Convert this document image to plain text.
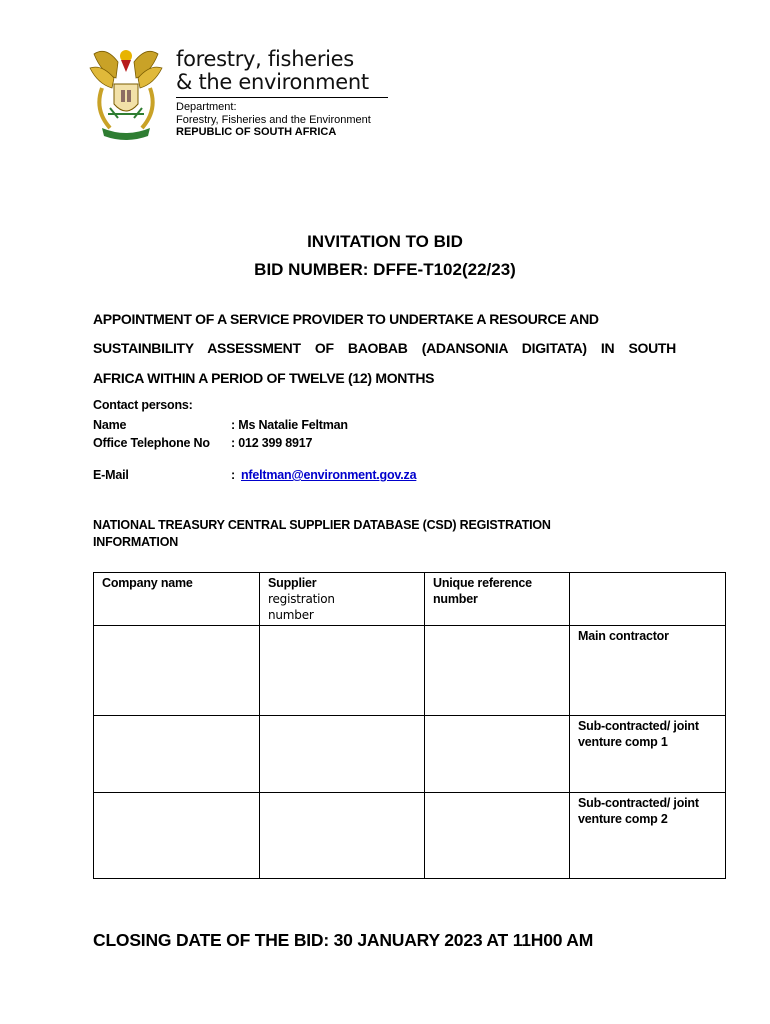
forestry, fisheries
& the environment
Department:
Forestry, Fisheries and the Environment
REPUBLIC OF SOUTH AFRICA
INVITATION TO BID
BID NUMBER: DFFE-T102(22/23)
APPOINTMENT OF A SERVICE PROVIDER TO UNDERTAKE A RESOURCE AND
SUSTAINBILITY ASSESSMENT OF BAOBAB (ADANSONIA DIGITATA) IN SOUTH
AFRICA WITHIN A PERIOD OF TWELVE (12) MONTHS
Contact persons:
Name	: Ms Natalie Feltman
Office Telephone No : 012 399 8917
E-Mail	: nfeltman@environment.gov.za
NATIONAL TREASURY CENTRAL SUPPLIER DATABASE (CSD) REGISTRATION
INFORMATION
Company name	Supplier
registration
number	Unique reference
number	

			Main contractor

			Sub-contracted/ joint
venture comp 1

			Sub-contracted/ joint
venture comp 2
CLOSING DATE OF THE BID: 30 JANUARY 2023 AT 11H00 AM
